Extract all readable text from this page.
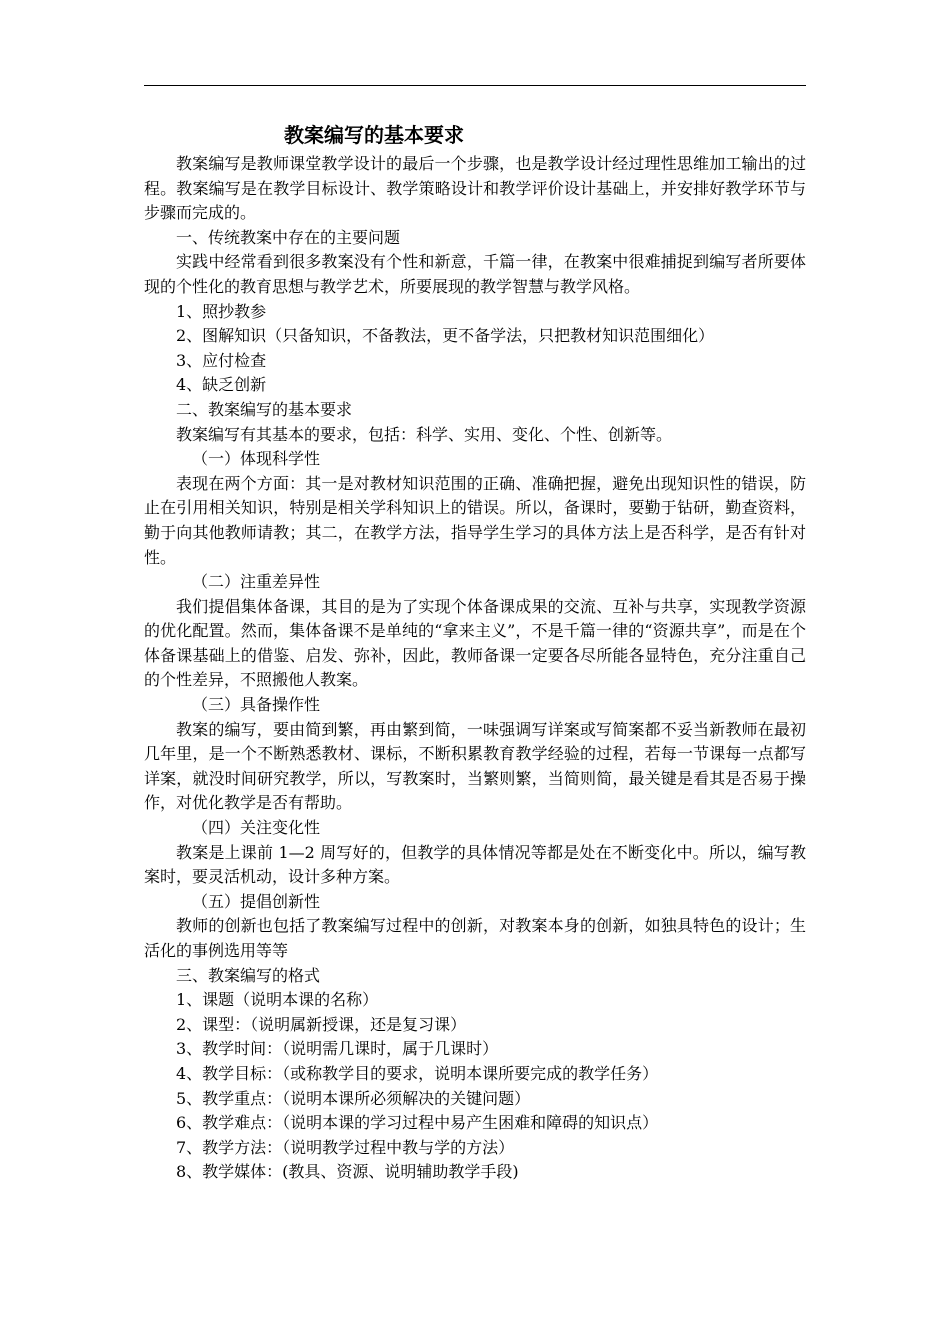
教案编写的基本要求

教案编写是教师课堂教学设计的最后一个步骤，也是教学设计经过理性思维加工输出的过程。教案编写是在教学目标设计、教学策略设计和教学评价设计基础上，并安排好教学环节与步骤而完成的。

一、传统教案中存在的主要问题

实践中经常看到很多教案没有个性和新意，千篇一律，在教案中很难捕捉到编写者所要体现的个性化的教育思想与教学艺术，所要展现的教学智慧与教学风格。

1、照抄教参

2、图解知识（只备知识，不备教法，更不备学法，只把教材知识范围细化）

3、应付检查

4、缺乏创新

二、教案编写的基本要求

教案编写有其基本的要求，包括：科学、实用、变化、个性、创新等。

（一）体现科学性

表现在两个方面：其一是对教材知识范围的正确、准确把握，避免出现知识性的错误，防止在引用相关知识，特别是相关学科知识上的错误。所以，备课时，要勤于钻研，勤查资料，勤于向其他教师请教；其二，在教学方法，指导学生学习的具体方法上是否科学，是否有针对性。

（二）注重差异性

我们提倡集体备课，其目的是为了实现个体备课成果的交流、互补与共享，实现教学资源的优化配置。然而，集体备课不是单纯的“拿来主义”，不是千篇一律的“资源共享”，而是在个体备课基础上的借鉴、启发、弥补，因此，教师备课一定要各尽所能各显特色，充分注重自己的个性差异，不照搬他人教案。

（三）具备操作性

教案的编写，要由简到繁，再由繁到简，一味强调写详案或写简案都不妥当新教师在最初几年里，是一个不断熟悉教材、课标，不断积累教育教学经验的过程，若每一节课每一点都写详案，就没时间研究教学，所以，写教案时，当繁则繁，当简则简，最关键是看其是否易于操作，对优化教学是否有帮助。

（四）关注变化性

教案是上课前 1—2 周写好的，但教学的具体情况等都是处在不断变化中。所以，编写教案时，要灵活机动，设计多种方案。

（五）提倡创新性

教师的创新也包括了教案编写过程中的创新，对教案本身的创新，如独具特色的设计；生活化的事例选用等等

三、教案编写的格式

1、课题（说明本课的名称）

2、课型：（说明属新授课，还是复习课）

3、教学时间：（说明需几课时，属于几课时）

4、教学目标：（或称教学目的要求，说明本课所要完成的教学任务）

5、教学重点：（说明本课所必须解决的关键问题）

6、教学难点：（说明本课的学习过程中易产生困难和障碍的知识点）

7、教学方法：（说明教学过程中教与学的方法）

8、教学媒体：(教具、资源、说明辅助教学手段)
